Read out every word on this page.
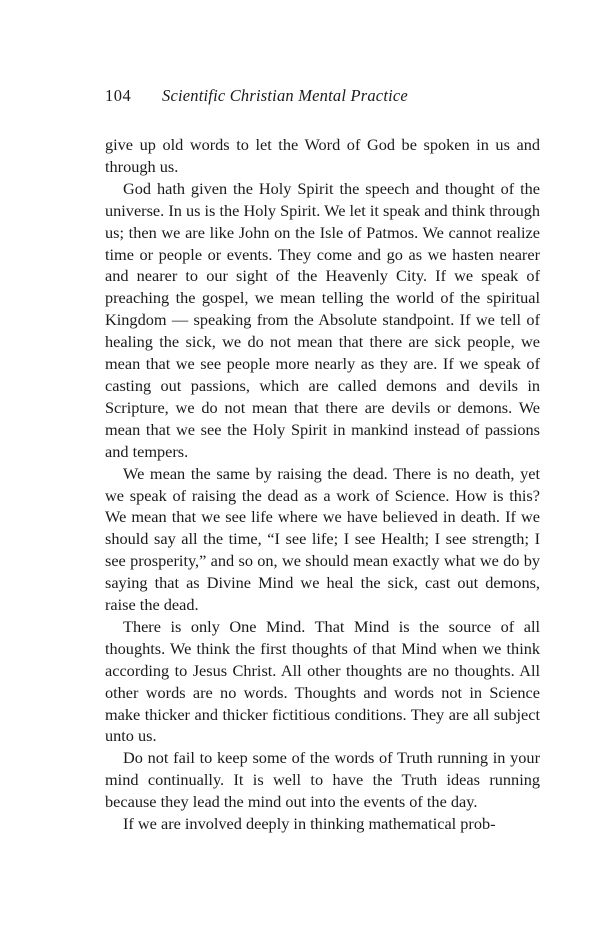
104 Scientific Christian Mental Practice

give up old words to let the Word of God be spoken in us and through us.

God hath given the Holy Spirit the speech and thought of the universe. In us is the Holy Spirit. We let it speak and think through us; then we are like John on the Isle of Patmos. We cannot realize time or people or events. They come and go as we hasten nearer and nearer to our sight of the Heavenly City. If we speak of preaching the gospel, we mean telling the world of the spiritual Kingdom — speaking from the Absolute standpoint. If we tell of healing the sick, we do not mean that there are sick people, we mean that we see people more nearly as they are. If we speak of casting out passions, which are called demons and devils in Scripture, we do not mean that there are devils or demons. We mean that we see the Holy Spirit in mankind instead of passions and tempers.

We mean the same by raising the dead. There is no death, yet we speak of raising the dead as a work of Science. How is this? We mean that we see life where we have believed in death. If we should say all the time, “I see life; I see Health; I see strength; I see prosperity,” and so on, we should mean exactly what we do by saying that as Divine Mind we heal the sick, cast out demons, raise the dead.

There is only One Mind. That Mind is the source of all thoughts. We think the first thoughts of that Mind when we think according to Jesus Christ. All other thoughts are no thoughts. All other words are no words. Thoughts and words not in Science make thicker and thicker fictitious conditions. They are all subject unto us.

Do not fail to keep some of the words of Truth running in your mind continually. It is well to have the Truth ideas running because they lead the mind out into the events of the day.

If we are involved deeply in thinking mathematical prob-
